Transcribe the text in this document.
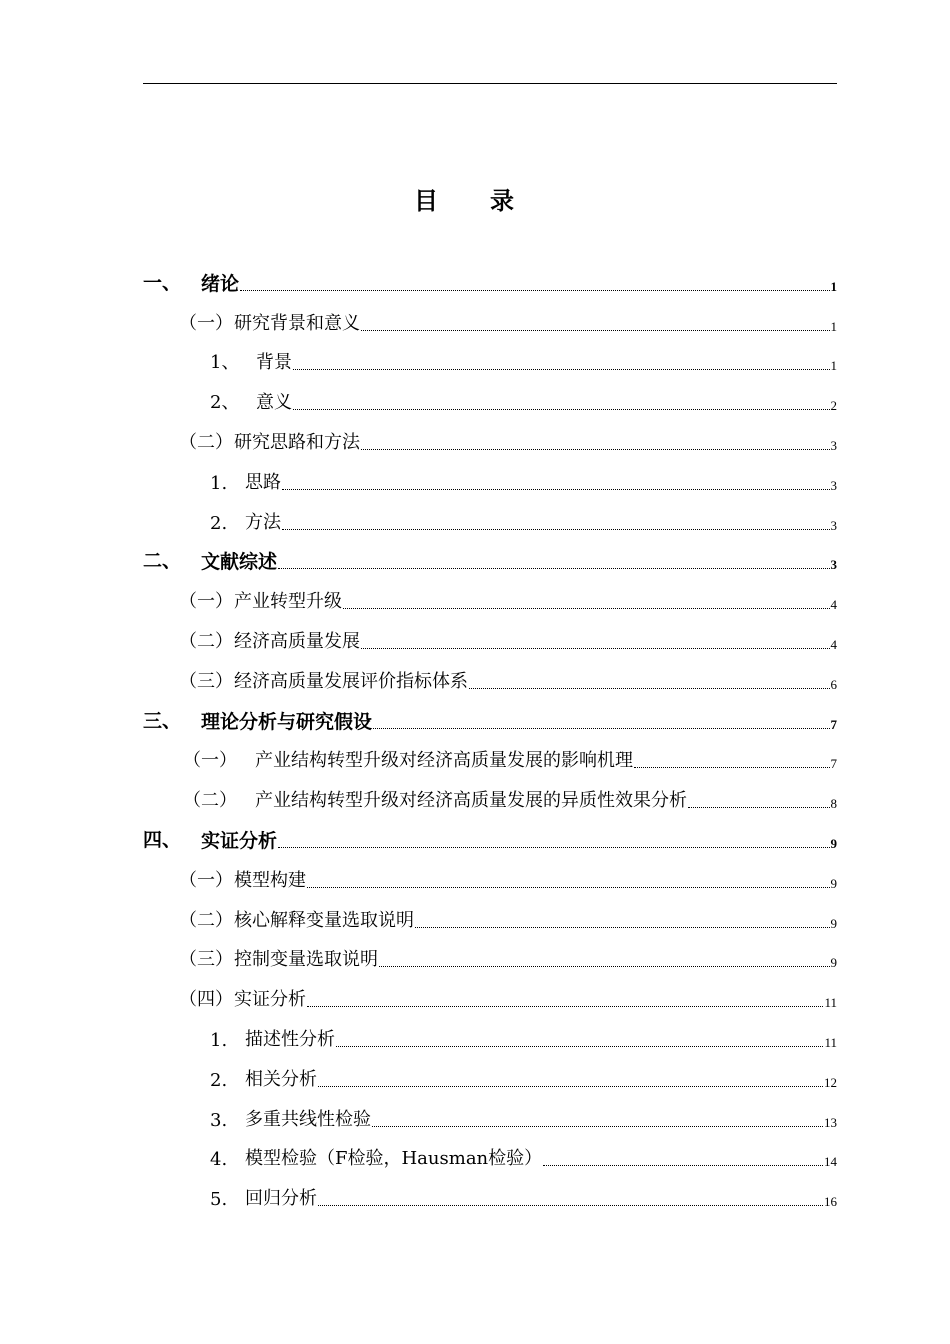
目录
一、	绪论	1
（一） 研究背景和意义	1
1、 背景	1
2、 意义	2
（二） 研究思路和方法	3
1. 思路	3
2. 方法	3
二、	文献综述	3
（一） 产业转型升级	4
（二） 经济高质量发展	4
（三） 经济高质量发展评价指标体系	6
三、	理论分析与研究假设	7
（一）	产业结构转型升级对经济高质量发展的影响机理	7
（二）	产业结构转型升级对经济高质量发展的异质性效果分析	8
四、	实证分析	9
（一） 模型构建	9
（二） 核心解释变量选取说明	9
（三） 控制变量选取说明	9
（四） 实证分析	11
1. 描述性分析	11
2. 相关分析	12
3. 多重共线性检验	13
4. 模型检验（F检验，Hausman检验）	14
5. 回归分析	16
